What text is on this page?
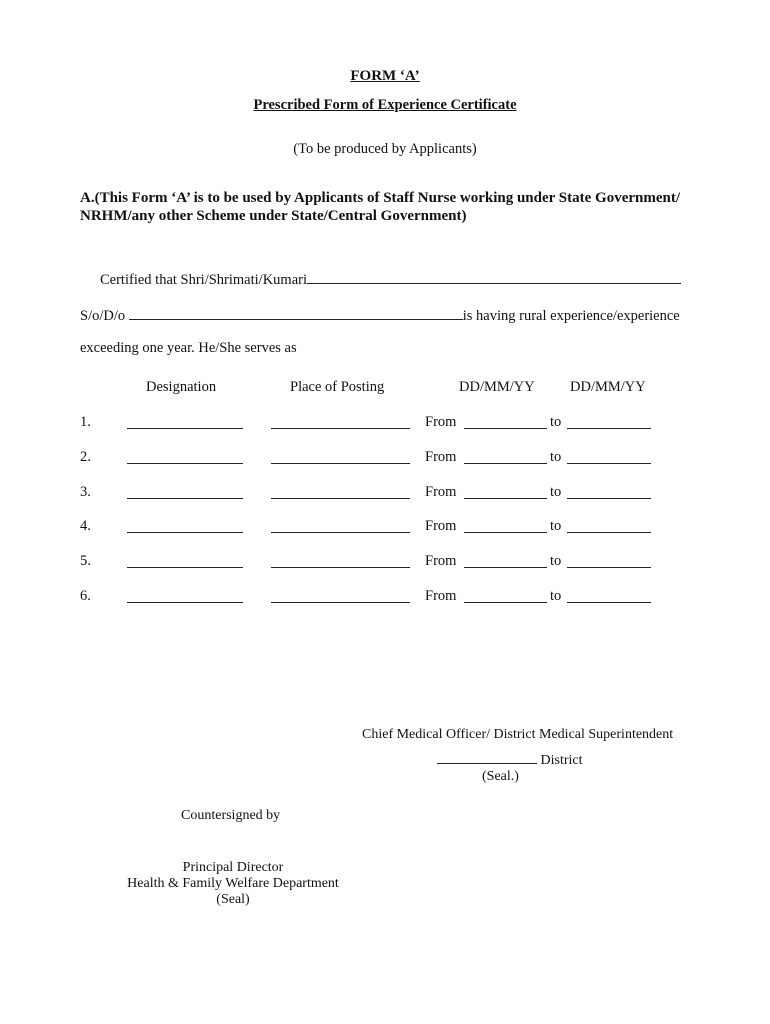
FORM ‘A’
Prescribed Form of Experience Certificate
(To be produced by Applicants)
A.(This Form ‘A’ is to be used by Applicants of Staff Nurse working under State Government/
NRHM/any other Scheme under State/Central Government)
Certified that Shri/Shrimati/Kumari
S/o/D/o	is having rural experience/experience
exceeding one year. He/She serves as
Designation	Place of Posting	DD/MM/YY DD/MM/YY
1.	From	to
2.	From	to
3.	From	to
4.	From	to
5.	From	to
6.	From	to
Chief Medical Officer/ District Medical Superintendent
District
(Seal.)
Countersigned by
Principal Director
Health & Family Welfare Department
(Seal)
